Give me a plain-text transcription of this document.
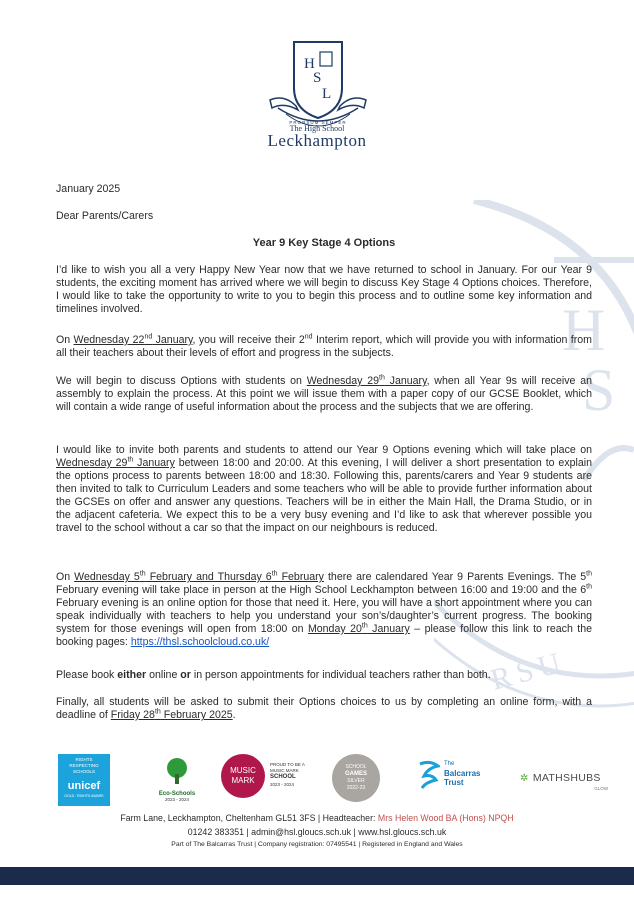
H
S
L
PRORSUM SEMPER
The High School
Leckhampton
H
S
RSU
January 2025
Dear Parents/Carers
Year 9 Key Stage 4 Options

I’d like to wish you all a very Happy New Year now that we have returned to school in January. For our Year 9 students, the exciting moment has arrived where we will begin to discuss Key Stage 4 Options choices. Therefore, I would like to take the opportunity to write to you to begin this process and to outline some key information and timelines involved.

On Wednesday 22nd January, you will receive their 2nd Interim report, which will provide you with information from all their teachers about their levels of effort and progress in the subjects.

We will begin to discuss Options with students on Wednesday 29th January, when all Year 9s will receive an assembly to explain the process. At this point we will issue them with a paper copy of our GCSE Booklet, which will contain a wide range of useful information about the process and the subjects that we are offering.

I would like to invite both parents and students to attend our Year 9 Options evening which will take place on Wednesday 29th January between 18:00 and 20:00. At this evening, I will deliver a short presentation to explain the options process to parents between 18:00 and 18:30. Following this, parents/carers and Year 9 students are then invited to talk to Curriculum Leaders and some teachers who will be able to provide further information about the GCSEs on offer and answer any questions. Teachers will be in either the Main Hall, the Drama Studio, or in the adjacent cafeteria. We expect this to be a very busy evening and I’d like to ask that wherever possible you travel to the school without a car so that the impact on our neighbours is reduced.

On Wednesday 5th February and Thursday 6th February there are calendared Year 9 Parents Evenings. The 5th February evening will take place in person at the High School Leckhampton between 16:00 and 19:00 and the 6th February evening is an online option for those that need it. Here, you will have a short appointment where you can speak individually with teachers to help you understand your son’s/daughter’s current progress. The booking system for those evenings will open from 18:00 on Monday 20th January – please follow this link to reach the booking pages: https://thsl.schoolcloud.co.uk/

Please book either online or in person appointments for individual teachers rather than both.

Finally, all students will be asked to submit their Options choices to us by completing an online form, with a deadline of Friday 28th February 2025.

RIGHTS
RESPECTING
SCHOOLS
unicef
GOLD : RIGHTS AWARE	Eco-Schools
2023 - 2024
MUSIC
MARK
PROUD TO BE A
MUSIC MARK
SCHOOL
2023 - 2024
SCHOOL
GAMES
SILVER
2022-23
The
Balcarras
Trust	✲ MATHSHUBS
GLOW
Farm Lane, Leckhampton, Cheltenham GL51 3FS | Headteacher: Mrs Helen Wood BA (Hons) NPQH
01242 383351 | admin@hsl.gloucs.sch.uk | www.hsl.gloucs.sch.uk
Part of The Balcarras Trust | Company registration: 07495541 | Registered in England and Wales
